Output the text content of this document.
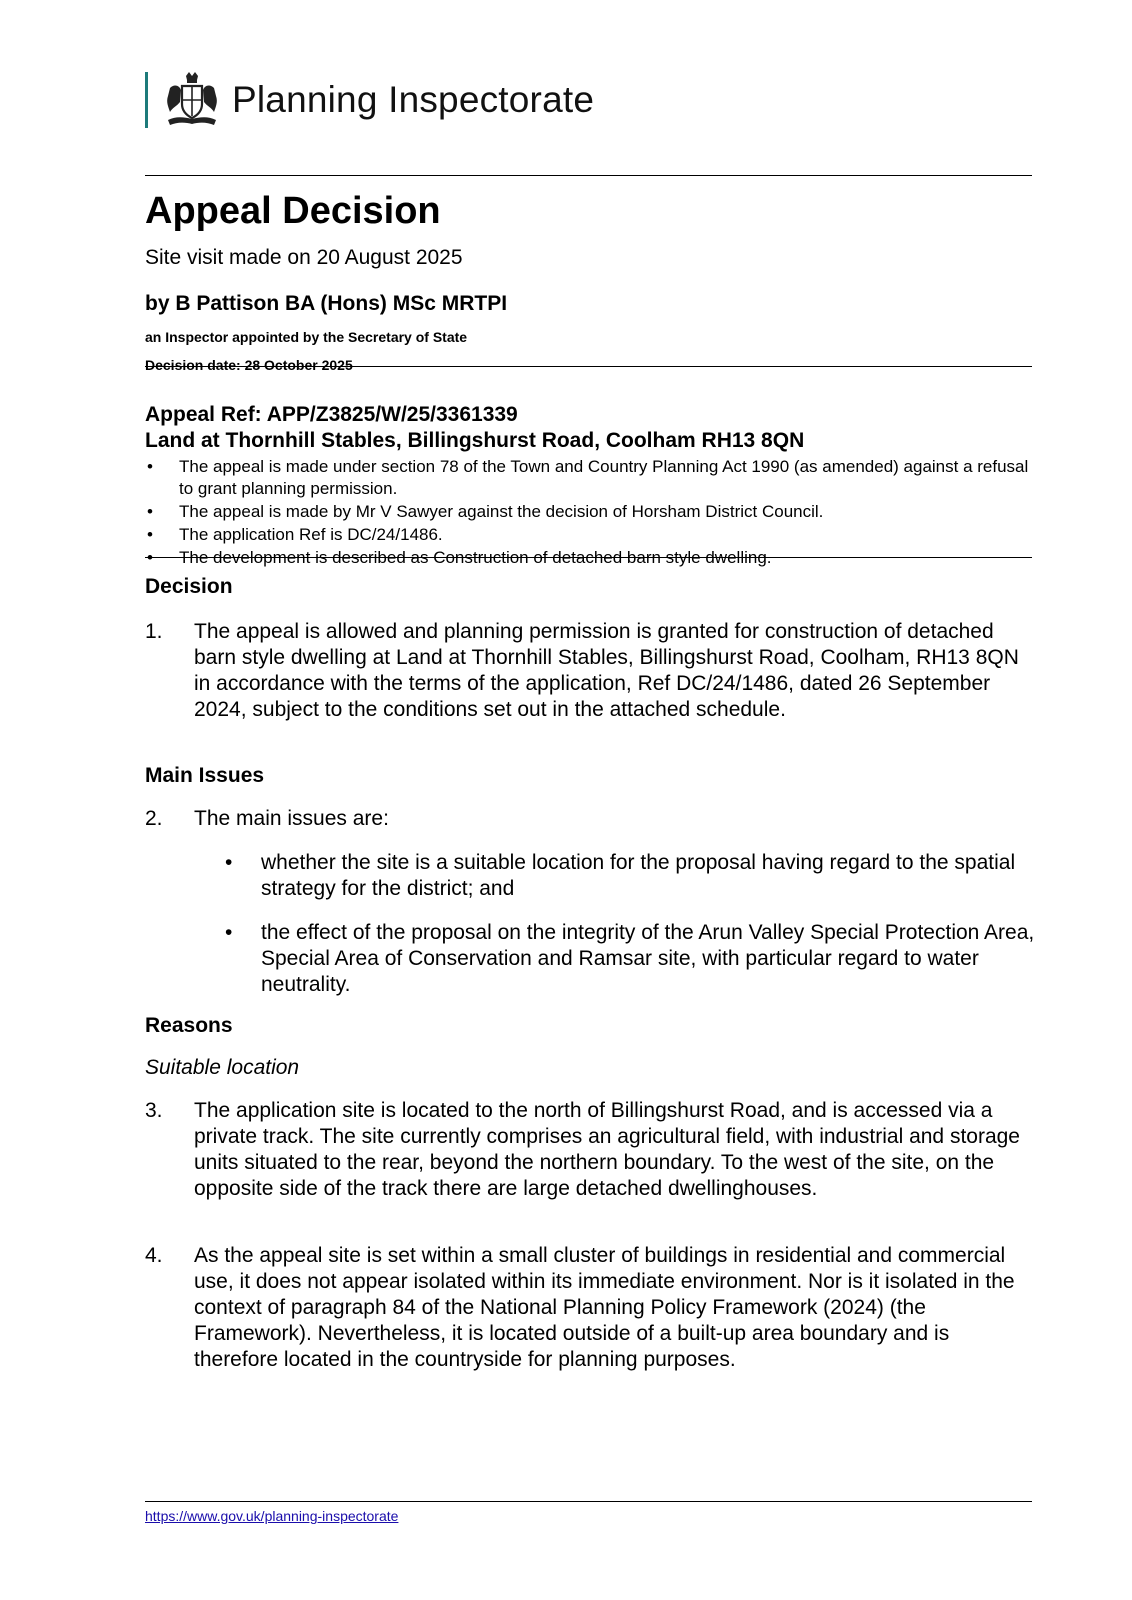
Planning Inspectorate
Appeal Decision
Site visit made on 20 August 2025
by B Pattison BA (Hons) MSc MRTPI
an Inspector appointed by the Secretary of State
Decision date: 28 October 2025
Appeal Ref: APP/Z3825/W/25/3361339
Land at Thornhill Stables, Billingshurst Road, Coolham RH13 8QN
• The appeal is made under section 78 of the Town and Country Planning Act 1990 (as amended) against a refusal to grant planning permission.
• The appeal is made by Mr V Sawyer against the decision of Horsham District Council.
• The application Ref is DC/24/1486.
• The development is described as Construction of detached barn style dwelling.
Decision
1. The appeal is allowed and planning permission is granted for construction of detached barn style dwelling at Land at Thornhill Stables, Billingshurst Road, Coolham, RH13 8QN in accordance with the terms of the application, Ref DC/24/1486, dated 26 September 2024, subject to the conditions set out in the attached schedule.
Main Issues
2. The main issues are:
• whether the site is a suitable location for the proposal having regard to the spatial strategy for the district; and
• the effect of the proposal on the integrity of the Arun Valley Special Protection Area, Special Area of Conservation and Ramsar site, with particular regard to water neutrality.
Reasons
Suitable location
3. The application site is located to the north of Billingshurst Road, and is accessed via a private track. The site currently comprises an agricultural field, with industrial and storage units situated to the rear, beyond the northern boundary. To the west of the site, on the opposite side of the track there are large detached dwellinghouses.
4. As the appeal site is set within a small cluster of buildings in residential and commercial use, it does not appear isolated within its immediate environment. Nor is it isolated in the context of paragraph 84 of the National Planning Policy Framework (2024) (the Framework). Nevertheless, it is located outside of a built-up area boundary and is therefore located in the countryside for planning purposes.
https://www.gov.uk/planning-inspectorate
